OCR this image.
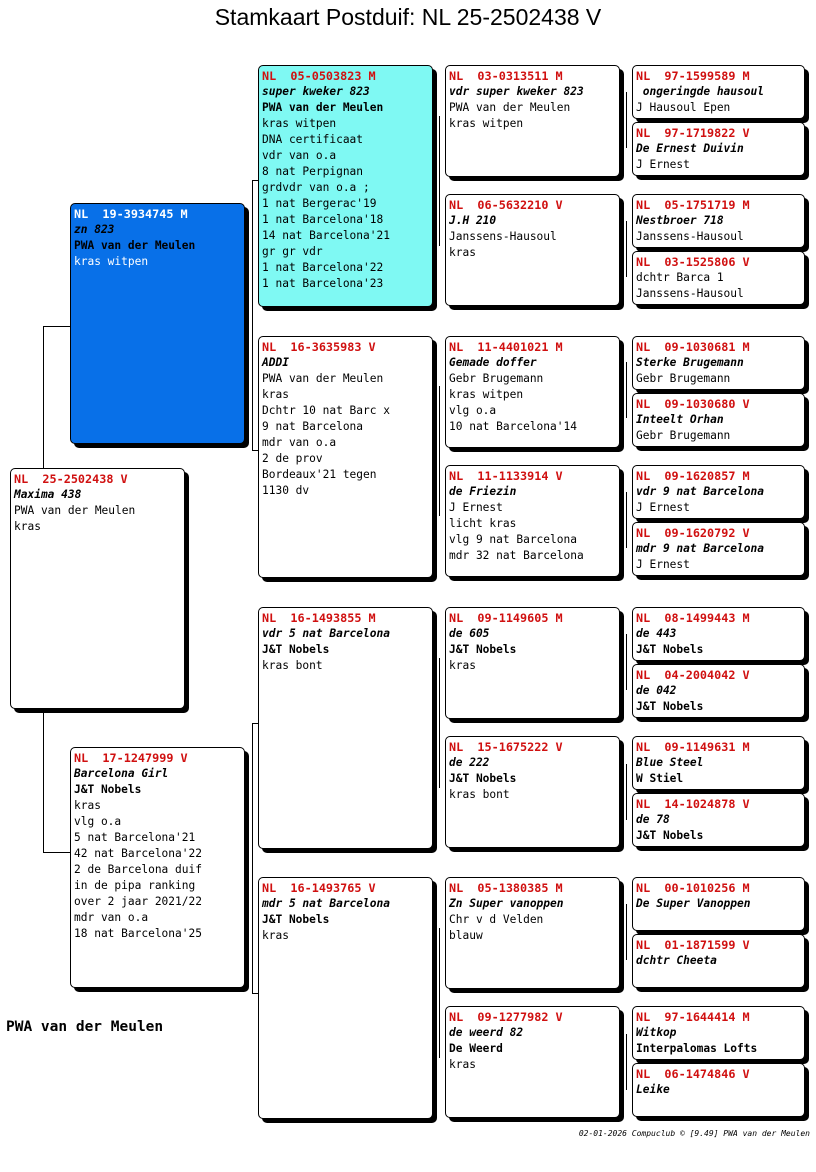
Stamkaart Postduif: NL 25-2502438 V
NL  25-2502438 V
Maxima 438
PWA van der Meulen
kras
NL  19-3934745 M
zn 823
PWA van der Meulen
kras witpen
NL  17-1247999 V
Barcelona Girl
J&T Nobels
kras
vlg o.a
5 nat Barcelona'21
42 nat Barcelona'22
2 de Barcelona duif
in de pipa ranking
over 2 jaar 2021/22
mdr van o.a
18 nat Barcelona'25
NL  05-0503823 M
super kweker 823
PWA van der Meulen
kras witpen
DNA certificaat
vdr van o.a
8 nat Perpignan
grdvdr van o.a ;
1 nat Bergerac'19
1 nat Barcelona'18
14 nat Barcelona'21
gr gr vdr
1 nat Barcelona'22
1 nat Barcelona'23
NL  16-3635983 V
ADDI
PWA van der Meulen
kras
Dchtr 10 nat Barc x
9 nat Barcelona
mdr van o.a
2 de prov
Bordeaux'21 tegen
1130 dv
NL  16-1493855 M
vdr 5 nat Barcelona
J&T Nobels
kras bont
NL  16-1493765 V
mdr 5 nat Barcelona
J&T Nobels
kras
NL  03-0313511 M
vdr super kweker 823
PWA van der Meulen
kras witpen
NL  06-5632210 V
J.H 210
Janssens-Hausoul
kras
NL  11-4401021 M
Gemade doffer
Gebr Brugemann
kras witpen
vlg o.a
10 nat Barcelona'14
NL  11-1133914 V
de Friezin
J Ernest
licht kras
vlg 9 nat Barcelona
mdr 32 nat Barcelona
NL  09-1149605 M
de 605
J&T Nobels
kras
NL  15-1675222 V
de 222
J&T Nobels
kras bont
NL  05-1380385 M
Zn Super vanoppen
Chr v d Velden
blauw
NL  09-1277982 V
de weerd 82
De Weerd
kras
NL  97-1599589 M
ongeringde hausoul
J Hausoul Epen
NL  97-1719822 V
De Ernest Duivin
J Ernest
NL  05-1751719 M
Nestbroer 718
Janssens-Hausoul
NL  03-1525806 V
dchtr Barca 1
Janssens-Hausoul
NL  09-1030681 M
Sterke Brugemann
Gebr Brugemann
NL  09-1030680 V
Inteelt Orhan
Gebr Brugemann
NL  09-1620857 M
vdr 9 nat Barcelona
J Ernest
NL  09-1620792 V
mdr 9 nat Barcelona
J Ernest
NL  08-1499443 M
de 443
J&T Nobels
NL  04-2004042 V
de 042
J&T Nobels
NL  09-1149631 M
Blue Steel
W Stiel
NL  14-1024878 V
de 78
J&T Nobels
NL  00-1010256 M
De Super Vanoppen
NL  01-1871599 V
dchtr Cheeta
NL  97-1644414 M
Witkop
Interpalomas Lofts
NL  06-1474846 V
Leike
PWA van der Meulen
02-01-2026 Compuclub © [9.49] PWA van der Meulen
